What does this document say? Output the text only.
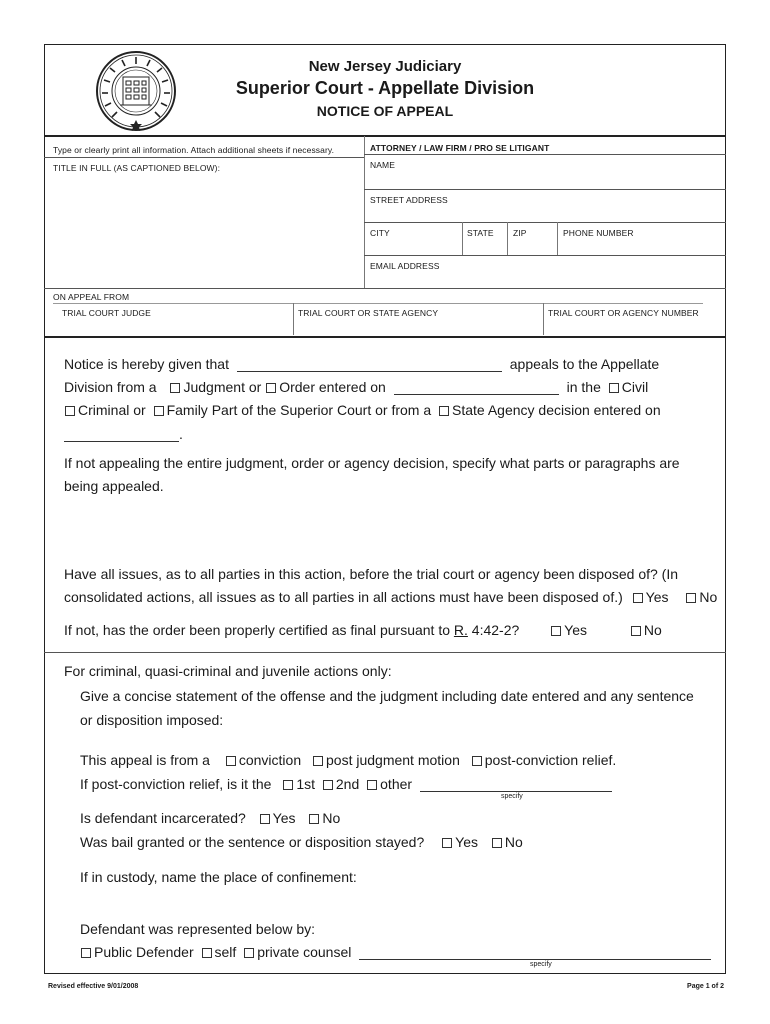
New Jersey Judiciary
Superior Court - Appellate Division
NOTICE OF APPEAL
Type or clearly print all information. Attach additional sheets if necessary.
TITLE IN FULL (AS CAPTIONED BELOW):
ATTORNEY / LAW FIRM / PRO SE LITIGANT
NAME
STREET ADDRESS
CITY	STATE ZIP	PHONE NUMBER
EMAIL ADDRESS
ON APPEAL FROM
TRIAL COURT JUDGE	TRIAL COURT OR STATE AGENCY	TRIAL COURT OR AGENCY NUMBER
Notice is hereby given that	appeals to the Appellate
Division from a Judgment or Order entered on	in the Civil
Criminal or Family Part of the Superior Court or from a State Agency decision entered on
.
If not appealing the entire judgment, order or agency decision, specify what parts or paragraphs are
being appealed.
Have all issues, as to all parties in this action, before the trial court or agency been disposed of? (In
consolidated actions, all issues as to all parties in all actions must have been disposed of.) Yes No
If not, has the order been properly certified as final pursuant to R. 4:42-2?	Yes	No
For criminal, quasi-criminal and juvenile actions only:
Give a concise statement of the offense and the judgment including date entered and any sentence
or disposition imposed:
This appeal is from a conviction post judgment motion post-conviction relief.
If post-conviction relief, is it the 1st 2nd other
specify
Is defendant incarcerated? Yes No
Was bail granted or the sentence or disposition stayed? Yes No
If in custody, name the place of confinement:
Defendant was represented below by:
Public Defender self private counsel
specify
Revised effective 9/01/2008	Page 1 of 2
